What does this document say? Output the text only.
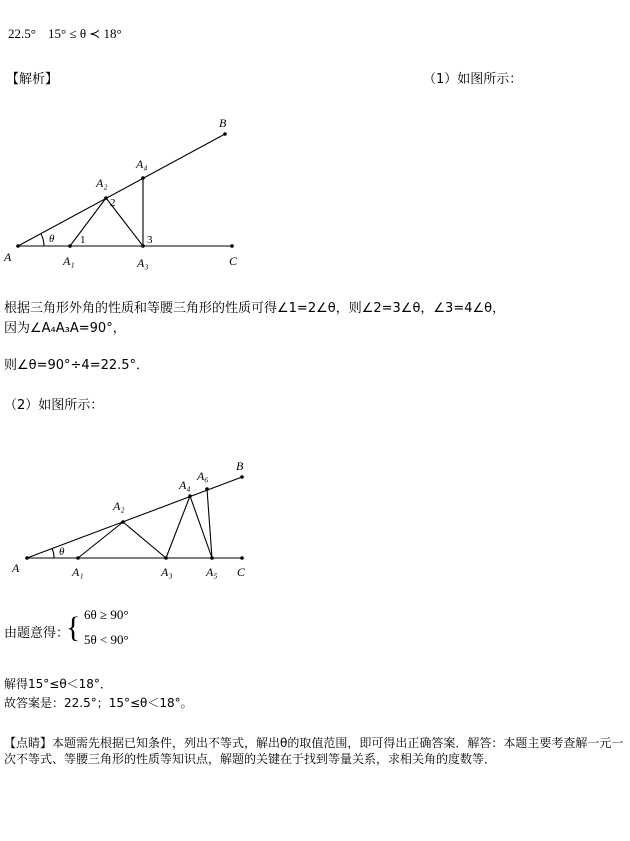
22.5° 15° ≤ θ ≺ 18°
【解析】	（1）如图所示：
A	A₁	A₃	C
A₂
A₄
B
θ 1
2
3
根据三角形外角的性质和等腰三角形的性质可得∠1=2∠θ，则∠2=3∠θ，∠3=4∠θ，
因为∠A₄A₃A=90°，
则∠θ=90°÷4=22.5°．
（2）如图所示：
A	A₁	A₃	A₅ C
A₂
A₄
A₆
B
θ
由题意得：
{ 6θ ≥ 90°
5θ < 90°
解得15°≤θ＜18°．
故答案是：22.5°；15°≤θ＜18°。
【点睛】本题需先根据已知条件，列出不等式，解出θ的取值范围，即可得出正确答案．解答：本题主要考查解一元一次不等式、等腰三角形的性质等知识点，解题的关键在于找到等量关系，求相关角的度数等．
